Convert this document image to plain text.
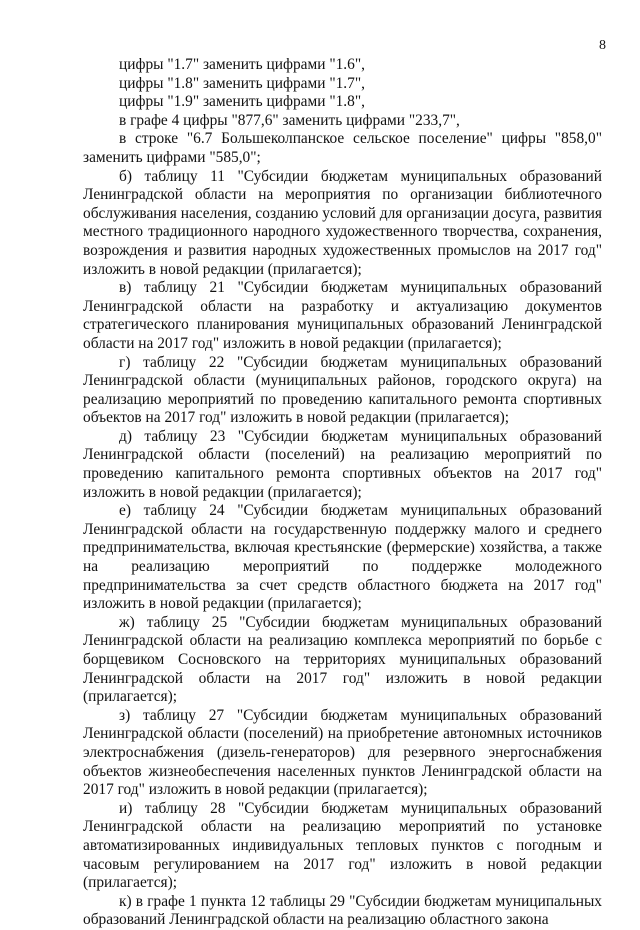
8

цифры "1.7" заменить цифрами "1.6",

цифры "1.8" заменить цифрами "1.7",

цифры "1.9" заменить цифрами "1.8",

в графе 4 цифры "877,6" заменить цифрами "233,7",

в строке "6.7 Большеколпанское сельское поселение" цифры "858,0" заменить цифрами "585,0";

б) таблицу 11 "Субсидии бюджетам муниципальных образований Ленинградской области на мероприятия по организации библиотечного обслуживания населения, созданию условий для организации досуга, развития местного традиционного народного художественного творчества, сохранения, возрождения и развития народных художественных промыслов на 2017 год" изложить в новой редакции (прилагается);

в) таблицу 21 "Субсидии бюджетам муниципальных образований Ленинградской области на разработку и актуализацию документов стратегического планирования муниципальных образований Ленинградской области на 2017 год" изложить в новой редакции (прилагается);

г) таблицу 22 "Субсидии бюджетам муниципальных образований Ленинградской области (муниципальных районов, городского округа) на реализацию мероприятий по проведению капитального ремонта спортивных объектов на 2017 год" изложить в новой редакции (прилагается);

д) таблицу 23 "Субсидии бюджетам муниципальных образований Ленинградской области (поселений) на реализацию мероприятий по проведению капитального ремонта спортивных объектов на 2017 год" изложить в новой редакции (прилагается);

е) таблицу 24 "Субсидии бюджетам муниципальных образований Ленинградской области на государственную поддержку малого и среднего предпринимательства, включая крестьянские (фермерские) хозяйства, а также на реализацию мероприятий по поддержке молодежного предпринимательства за счет средств областного бюджета на 2017 год" изложить в новой редакции (прилагается);

ж) таблицу 25 "Субсидии бюджетам муниципальных образований Ленинградской области на реализацию комплекса мероприятий по борьбе с борщевиком Сосновского на территориях муниципальных образований Ленинградской области на 2017 год" изложить в новой редакции (прилагается);

з) таблицу 27 "Субсидии бюджетам муниципальных образований Ленинградской области (поселений) на приобретение автономных источников электроснабжения (дизель-генераторов) для резервного энергоснабжения объектов жизнеобеспечения населенных пунктов Ленинградской области на 2017 год" изложить в новой редакции (прилагается);

и) таблицу 28 "Субсидии бюджетам муниципальных образований Ленинградской области на реализацию мероприятий по установке автоматизированных индивидуальных тепловых пунктов с погодным и часовым регулированием на 2017 год" изложить в новой редакции (прилагается);

к) в графе 1 пункта 12 таблицы 29 "Субсидии бюджетам муниципальных образований Ленинградской области на реализацию областного закона
